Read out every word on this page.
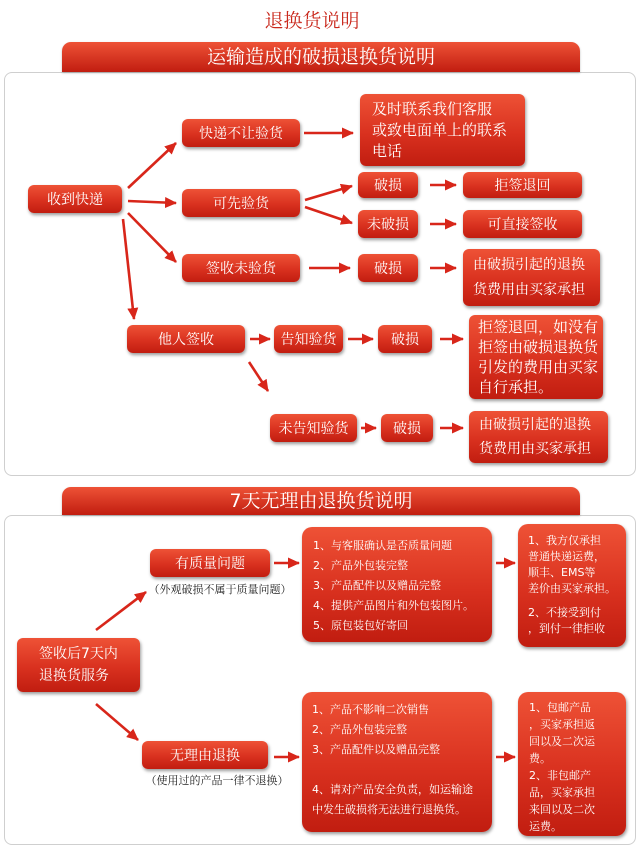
退换货说明
运输造成的破损退换货说明
7天无理由退换货说明
收到快递
快递不让验货
可先验货
签收未验货
他人签收
及时联系我们客服
或致电面单上的联系
电话
破损	拒签退回
未破损	可直接签收
破损	由破损引起的退换
货费用由买家承担
告知验货	破损
拒签退回，如没有
拒签由破损退换货
引发的费用由买家
自行承担。
未告知验货	破损	由破损引起的退换
货费用由买家承担
签收后7天内
退换货服务
有质量问题
（外观破损不属于质量问题）
1、与客服确认是否质量问题
2、产品外包装完整
3、产品配件以及赠品完整
4、提供产品图片和外包装图片。
5、原包装包好寄回
1、我方仅承担
普通快递运费，
顺丰、EMS等
差价由买家承担。
2、不接受到付
，到付一律拒收
无理由退换
（使用过的产品一律不退换）
1、产品不影响二次销售
2、产品外包装完整
3、产品配件以及赠品完整
4、请对产品安全负责，如运输途
中发生破损将无法进行退换货。
1、包邮产品
，买家承担返
回以及二次运
费。
2、非包邮产
品，买家承担
来回以及二次
运费。
